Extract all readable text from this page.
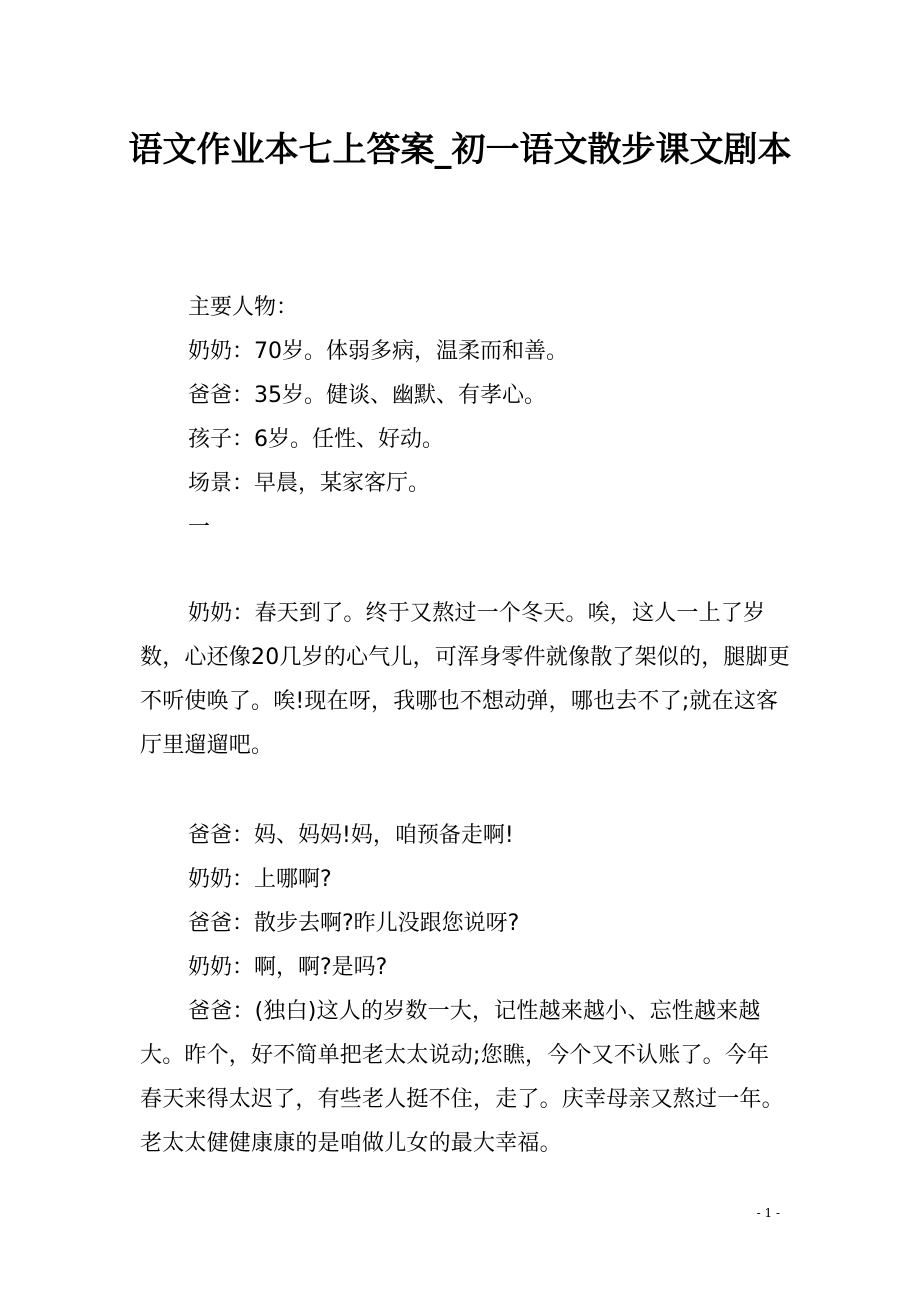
语文作业本七上答案_初一语文散步课文剧本

主要人物：

奶奶：70岁。体弱多病，温柔而和善。

爸爸：35岁。健谈、幽默、有孝心。

孩子：6岁。任性、好动。

场景：早晨，某家客厅。

一

奶奶：春天到了。终于又熬过一个冬天。唉，这人一上了岁数，心还像20几岁的心气儿，可浑身零件就像散了架似的，腿脚更不听使唤了。唉!现在呀，我哪也不想动弹，哪也去不了;就在这客厅里遛遛吧。

爸爸：妈、妈妈!妈，咱预备走啊!

奶奶：上哪啊?

爸爸：散步去啊?昨儿没跟您说呀?

奶奶：啊，啊?是吗?

爸爸：(独白)这人的岁数一大，记性越来越小、忘性越来越大。昨个，好不简单把老太太说动;您瞧，今个又不认账了。今年春天来得太迟了，有些老人挺不住，走了。庆幸母亲又熬过一年。老太太健健康康的是咱做儿女的最大幸福。

- 1 -
